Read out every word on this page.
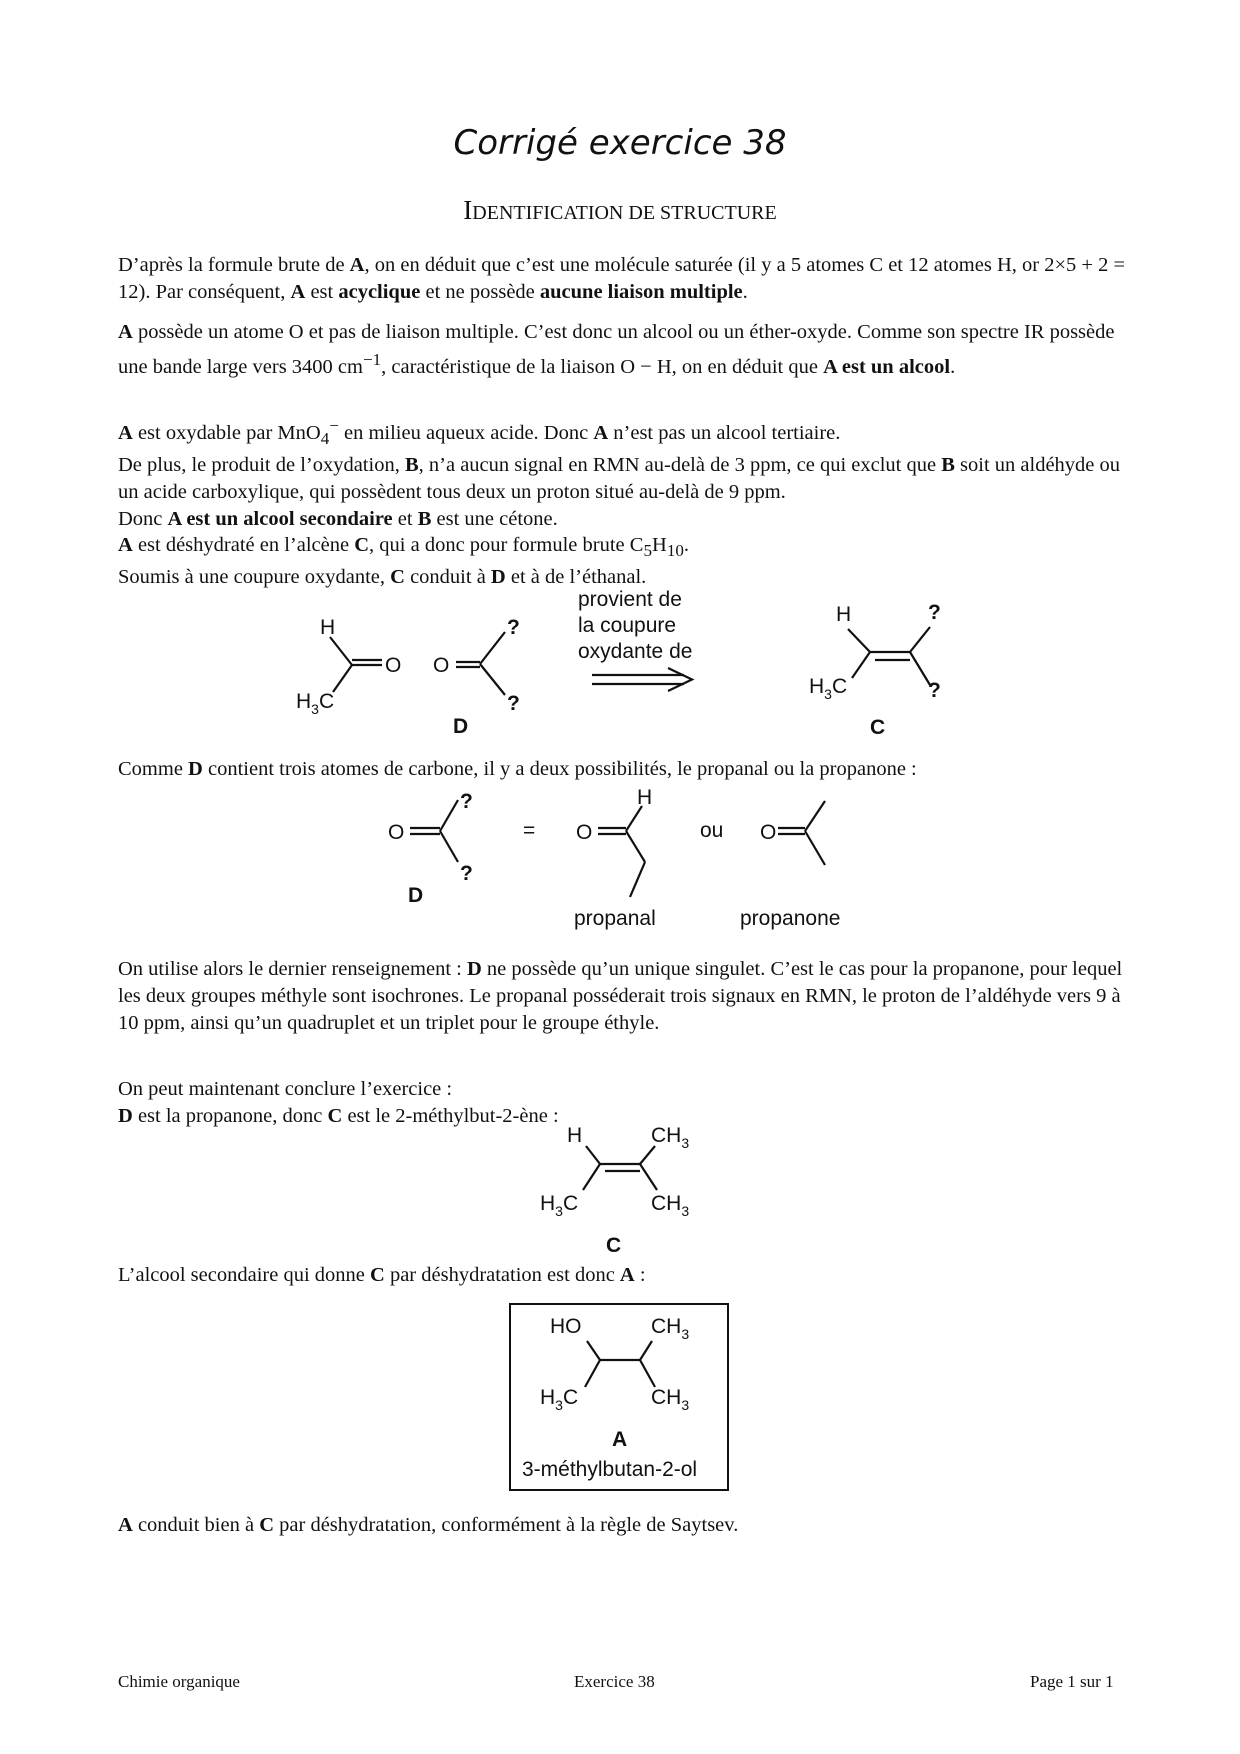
Corrigé exercice 38
IDENTIFICATION DE STRUCTURE

D’après la formule brute de A, on en déduit que c’est une molécule saturée (il y a 5 atomes C et 12 atomes H, or 2×5 + 2 = 12). Par conséquent, A est acyclique et ne possède aucune liaison multiple.

A possède un atome O et pas de liaison multiple. C’est donc un alcool ou un éther-oxyde. Comme son spectre IR possède une bande large vers 3400 $cm^{-1}$, caractéristique de la liaison O − H, on en déduit que A est un alcool.

A est oxydable par MnO$_4$− en milieu aqueux acide. Donc A n’est pas un alcool tertiaire.
De plus, le produit de l’oxydation, B, n’a aucun signal en RMN au-delà de 3 ppm, ce qui exclut que B soit un aldéhyde ou un acide carboxylique, qui possèdent tous deux un proton situé au-delà de 9 ppm.
Donc A est un alcool secondaire et B est une cétone.

A est déshydraté en l’alcène C, qui a donc pour formule brute $C_5H_{10}$.
Soumis à une coupure oxydante, C conduit à D et à de l’éthanal.

H
O
$H_3C$
O
?
?
D
provient de
la coupure
oxydante de
H	?
?
$H_3C$
C

Comme D contient trois atomes de carbone, il y a deux possibilités, le propanal ou la propanone :

O
?
?
D
= O
H
propanal
ou O
propanone

On utilise alors le dernier renseignement : D ne possède qu’un unique singulet. C’est le cas pour la propanone, pour lequel les deux groupes méthyle sont isochrones. Le propanal posséderait trois signaux en RMN, le proton de l’aldéhyde vers 9 à 10 ppm, ainsi qu’un quadruplet et un triplet pour le groupe éthyle.

On peut maintenant conclure l’exercice :
D est la propanone, donc C est le 2-méthylbut-2-ène :

H	$CH_3$
$H_3C$	$CH_3$
C

L’alcool secondaire qui donne C par déshydratation est donc A :

HO	$CH_3$
$H_3C$	$CH_3$
A
3-méthylbutan-2-ol

A conduit bien à C par déshydratation, conformément à la règle de Saytsev.

Chimie organique	Exercice 38	Page 1 sur 1
